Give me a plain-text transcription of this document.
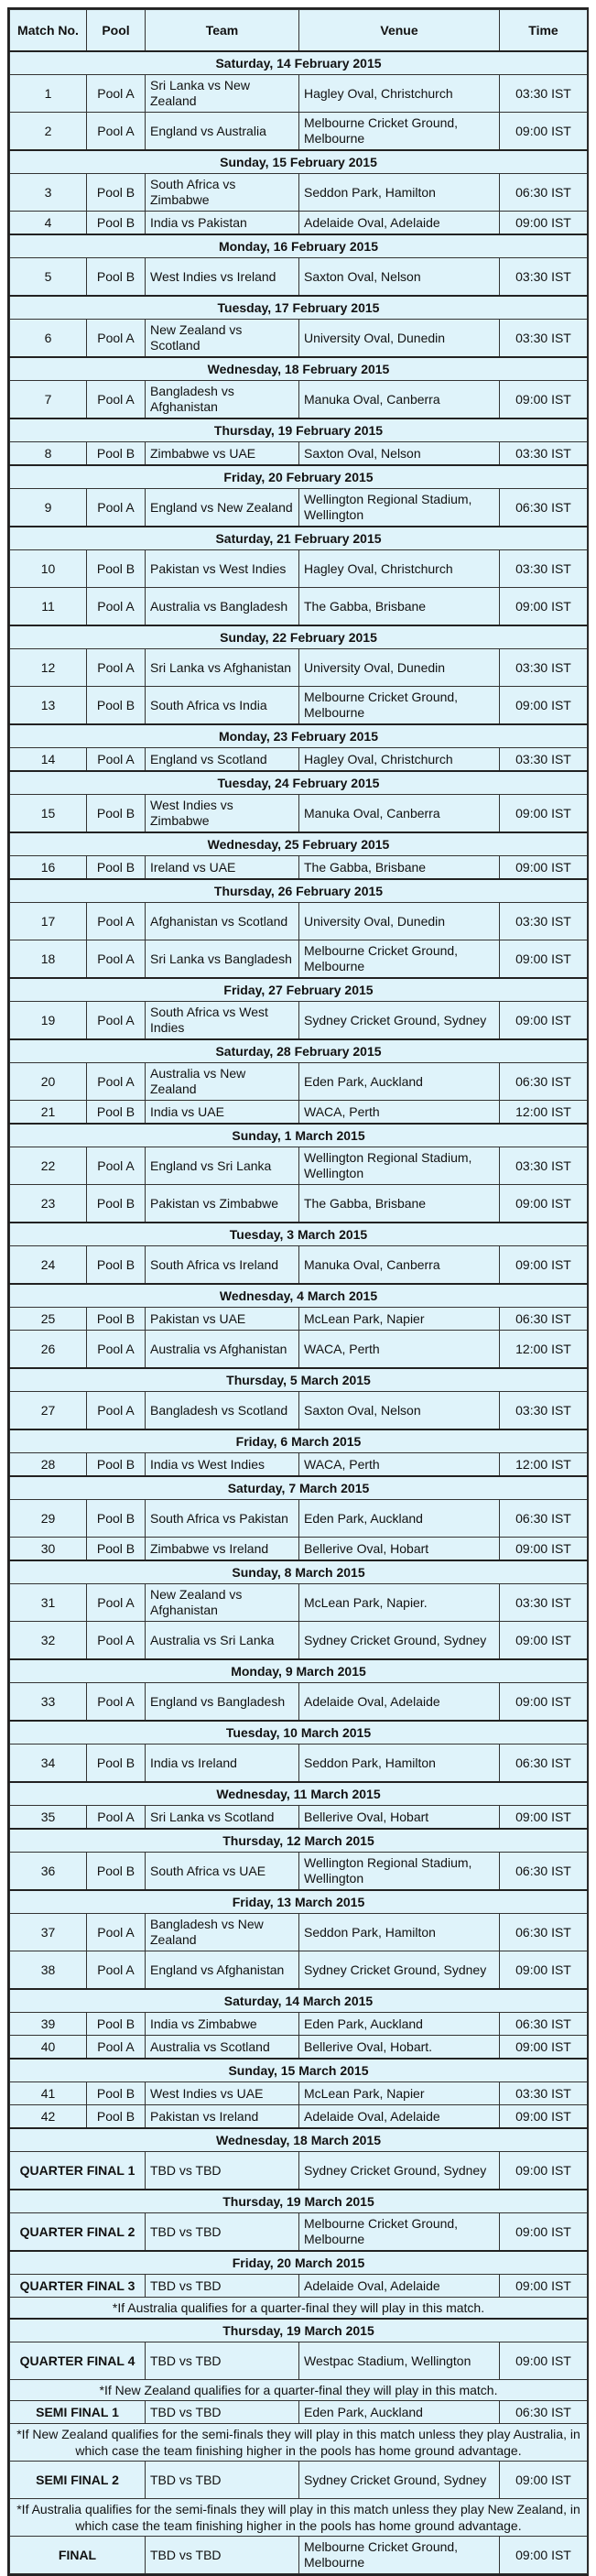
Match No.	Pool	Team	Venue	Time
Saturday, 14 February 2015				
1	Pool A	Sri Lanka vs New Zealand	Hagley Oval, Christchurch	03:30 IST
2	Pool A	England vs Australia	Melbourne Cricket Ground, Melbourne	09:00 IST
Sunday, 15 February 2015				
3	Pool B	South Africa vs Zimbabwe	Seddon Park, Hamilton	06:30 IST
4	Pool B	India vs Pakistan	Adelaide Oval, Adelaide	09:00 IST
Monday, 16 February 2015				
5	Pool B	West Indies vs Ireland	Saxton Oval, Nelson	03:30 IST
Tuesday, 17 February 2015				
6	Pool A	New Zealand vs Scotland	University Oval, Dunedin	03:30 IST
Wednesday, 18 February 2015				
7	Pool A	Bangladesh vs Afghanistan	Manuka Oval, Canberra	09:00 IST
Thursday, 19 February 2015				
8	Pool B	Zimbabwe vs UAE	Saxton Oval, Nelson	03:30 IST
Friday, 20 February 2015				
9	Pool A	England vs New Zealand	Wellington Regional Stadium, Wellington	06:30 IST
Saturday, 21 February 2015				
10	Pool B	Pakistan vs West Indies	Hagley Oval, Christchurch	03:30 IST
11	Pool A	Australia vs Bangladesh	The Gabba, Brisbane	09:00 IST
Sunday, 22 February 2015				
12	Pool A	Sri Lanka vs Afghanistan	University Oval, Dunedin	03:30 IST
13	Pool B	South Africa vs India	Melbourne Cricket Ground, Melbourne	09:00 IST
Monday, 23 February 2015				
14	Pool A	England vs Scotland	Hagley Oval, Christchurch	03:30 IST
Tuesday, 24 February 2015				
15	Pool B	West Indies vs Zimbabwe	Manuka Oval, Canberra	09:00 IST
Wednesday, 25 February 2015				
16	Pool B	Ireland vs UAE	The Gabba, Brisbane	09:00 IST
Thursday, 26 February 2015				
17	Pool A	Afghanistan vs Scotland	University Oval, Dunedin	03:30 IST
18	Pool A	Sri Lanka vs Bangladesh	Melbourne Cricket Ground, Melbourne	09:00 IST
Friday, 27 February 2015				
19	Pool A	South Africa vs West Indies	Sydney Cricket Ground, Sydney	09:00 IST
Saturday, 28 February 2015				
20	Pool A	Australia vs New Zealand	Eden Park, Auckland	06:30 IST
21	Pool B	India vs UAE	WACA, Perth	12:00 IST
Sunday, 1 March 2015				
22	Pool A	England vs Sri Lanka	Wellington Regional Stadium, Wellington	03:30 IST
23	Pool B	Pakistan vs Zimbabwe	The Gabba, Brisbane	09:00 IST
Tuesday, 3 March 2015				
24	Pool B	South Africa vs Ireland	Manuka Oval, Canberra	09:00 IST
Wednesday, 4 March 2015				
25	Pool B	Pakistan vs UAE	McLean Park, Napier	06:30 IST
26	Pool A	Australia vs Afghanistan	WACA, Perth	12:00 IST
Thursday, 5 March 2015				
27	Pool A	Bangladesh vs Scotland	Saxton Oval, Nelson	03:30 IST
Friday, 6 March 2015				
28	Pool B	India vs West Indies	WACA, Perth	12:00 IST
Saturday, 7 March 2015				
29	Pool B	South Africa vs Pakistan	Eden Park, Auckland	06:30 IST
30	Pool B	Zimbabwe vs Ireland	Bellerive Oval, Hobart	09:00 IST
Sunday, 8 March 2015				
31	Pool A	New Zealand vs Afghanistan	McLean Park, Napier.	03:30 IST
32	Pool A	Australia vs Sri Lanka	Sydney Cricket Ground, Sydney	09:00 IST
Monday, 9 March 2015				
33	Pool A	England vs Bangladesh	Adelaide Oval, Adelaide	09:00 IST
Tuesday, 10 March 2015				
34	Pool B	India vs Ireland	Seddon Park, Hamilton	06:30 IST
Wednesday, 11 March 2015				
35	Pool A	Sri Lanka vs Scotland	Bellerive Oval, Hobart	09:00 IST
Thursday, 12 March 2015				
36	Pool B	South Africa vs UAE	Wellington Regional Stadium, Wellington	06:30 IST
Friday, 13 March 2015				
37	Pool A	Bangladesh vs New Zealand	Seddon Park, Hamilton	06:30 IST
38	Pool A	England vs Afghanistan	Sydney Cricket Ground, Sydney	09:00 IST
Saturday, 14 March 2015				
39	Pool B	India vs Zimbabwe	Eden Park, Auckland	06:30 IST
40	Pool A	Australia vs Scotland	Bellerive Oval, Hobart.	09:00 IST
Sunday, 15 March 2015				
41	Pool B	West Indies vs UAE	McLean Park, Napier	03:30 IST
42	Pool B	Pakistan vs Ireland	Adelaide Oval, Adelaide	09:00 IST
Wednesday, 18 March 2015				
QUARTER FINAL 1		TBD vs TBD	Sydney Cricket Ground, Sydney	09:00 IST
Thursday, 19 March 2015				
QUARTER FINAL 2		TBD vs TBD	Melbourne Cricket Ground, Melbourne	09:00 IST
Friday, 20 March 2015				
QUARTER FINAL 3		TBD vs TBD	Adelaide Oval, Adelaide	09:00 IST
*If Australia qualifies for a quarter-final they will play in this match.				
Thursday, 19 March 2015				
QUARTER FINAL 4		TBD vs TBD	Westpac Stadium, Wellington	09:00 IST
*If New Zealand qualifies for a quarter-final they will play in this match.				
SEMI FINAL 1		TBD vs TBD	Eden Park, Auckland	06:30 IST
*If New Zealand qualifies for the semi-finals they will play in this match unless they play Australia, in which case the team finishing higher in the pools has home ground advantage.				
SEMI FINAL 2		TBD vs TBD	Sydney Cricket Ground, Sydney	09:00 IST
*If Australia qualifies for the semi-finals they will play in this match unless they play New Zealand, in which case the team finishing higher in the pools has home ground advantage.				
FINAL		TBD vs TBD	Melbourne Cricket Ground, Melbourne	09:00 IST
